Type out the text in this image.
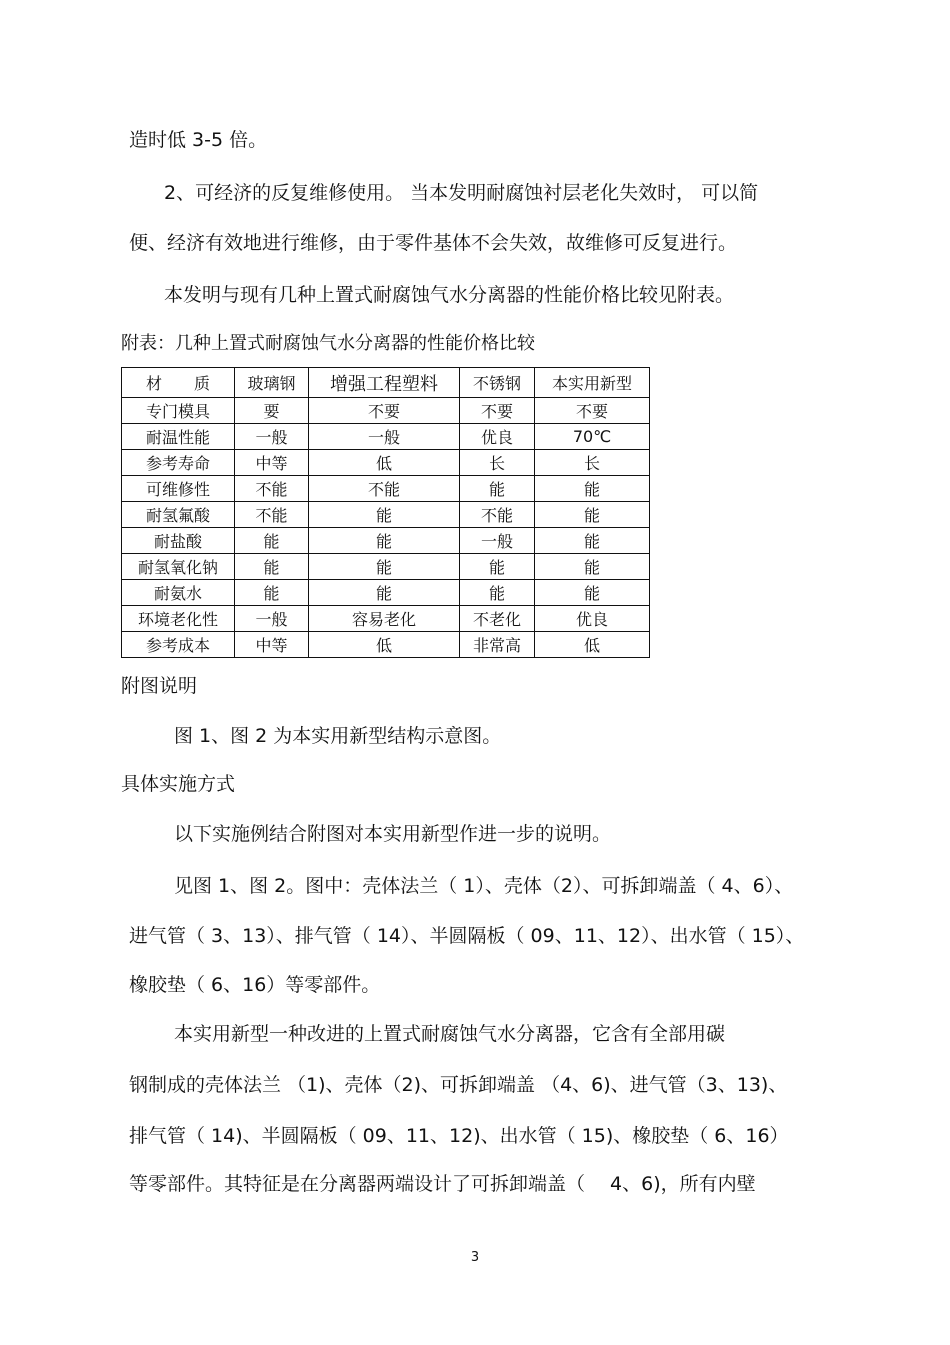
造时低 3-5 倍。
2、可经济的反复维修使用。 当本发明耐腐蚀衬层老化失效时， 可以简
便、经济有效地进行维修，由于零件基体不会失效，故维修可反复进行。
本发明与现有几种上置式耐腐蚀气水分离器的性能价格比较见附表。
附表：几种上置式耐腐蚀气水分离器的性能价格比较
材　　质	玻璃钢	增强工程塑料	不锈钢	本实用新型
专门模具	要	不要	不要	不要
耐温性能	一般	一般	优良	70℃
参考寿命	中等	低	长	长
可维修性	不能	不能	能	能
耐氢氟酸	不能	能	不能	能
耐盐酸	能	能	一般	能
耐氢氧化钠	能	能	能	能
耐氨水	能	能	能	能
环境老化性	一般	容易老化	不老化	优良
参考成本	中等	低	非常高	低
附图说明
图 1、图 2 为本实用新型结构示意图。
具体实施方式
以下实施例结合附图对本实用新型作进一步的说明。
见图 1、图 2。图中：壳体法兰（ 1）、壳体（2）、可拆卸端盖（ 4、6）、
进气管（ 3、13）、排气管（ 14）、半圆隔板（ 09、11、12）、出水管（ 15）、
橡胶垫（ 6、16）等零部件。
本实用新型一种改进的上置式耐腐蚀气水分离器，它含有全部用碳
钢制成的壳体法兰 （1)、壳体（2)、可拆卸端盖 （4、6)、进气管（3、13)、
排气管（ 14)、半圆隔板（ 09、11、12)、出水管（ 15)、橡胶垫（ 6、16）
等零部件。其特征是在分离器两端设计了可拆卸端盖（　 4、6)，所有内壁
3
